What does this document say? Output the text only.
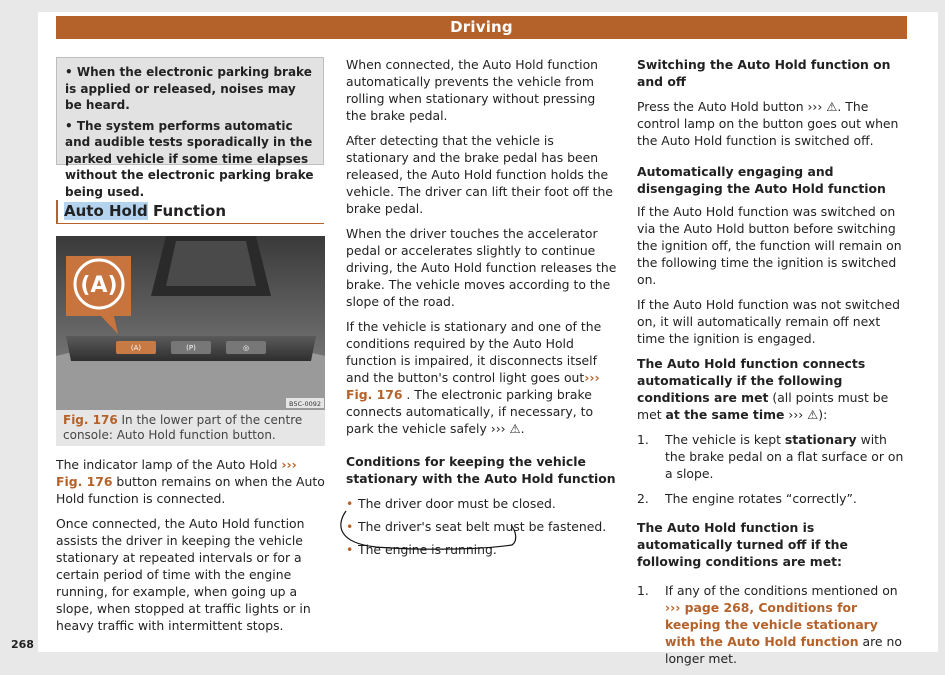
Driving

• When the electronic parking brake is applied or released, noises may be heard.

• The system performs automatic and audible tests sporadically in the parked vehicle if some time elapses without the electronic parking brake being used.

Auto Hold Function
(A)	(P)	◎
(A)
B5C-0092
Fig. 176 In the lower part of the centre console: Auto Hold function button.

The indicator lamp of the Auto Hold ››› Fig. 176 button remains on when the Auto Hold function is connected.

Once connected, the Auto Hold function assists the driver in keeping the vehicle stationary at repeated intervals or for a certain period of time with the engine running, for example, when going up a slope, when stopped at traffic lights or in heavy traffic with intermittent stops.

When connected, the Auto Hold function automatically prevents the vehicle from rolling when stationary without pressing the brake pedal.

After detecting that the vehicle is stationary and the brake pedal has been released, the Auto Hold function holds the vehicle. The driver can lift their foot off the brake pedal.

When the driver touches the accelerator pedal or accelerates slightly to continue driving, the Auto Hold function releases the brake. The vehicle moves according to the slope of the road.

If the vehicle is stationary and one of the conditions required by the Auto Hold function is impaired, it disconnects itself and the button's control light goes out››› Fig. 176 . The electronic parking brake connects automatically, if necessary, to park the vehicle safely ››› ⚠.

Conditions for keeping the vehicle stationary with the Auto Hold function

• The driver door must be closed.
• The driver's seat belt must be fastened.
• The engine is running.

Switching the Auto Hold function on and off

Press the Auto Hold button ››› ⚠. The control lamp on the button goes out when the Auto Hold function is switched off.

Automatically engaging and disengaging the Auto Hold function

If the Auto Hold function was switched on via the Auto Hold button before switching the ignition off, the function will remain on the following time the ignition is switched on.

If the Auto Hold function was not switched on, it will automatically remain off next time the ignition is engaged.

The Auto Hold function connects automatically if the following conditions are met (all points must be met at the same time ››› ⚠):

1. The vehicle is kept stationary with the brake pedal on a flat surface or on a slope.
2. The engine rotates “correctly”.

The Auto Hold function is automatically turned off if the following conditions are met:

1. If any of the conditions mentioned on ››› page 268, Conditions for keeping the vehicle stationary with the Auto Hold function are no longer met.
268
